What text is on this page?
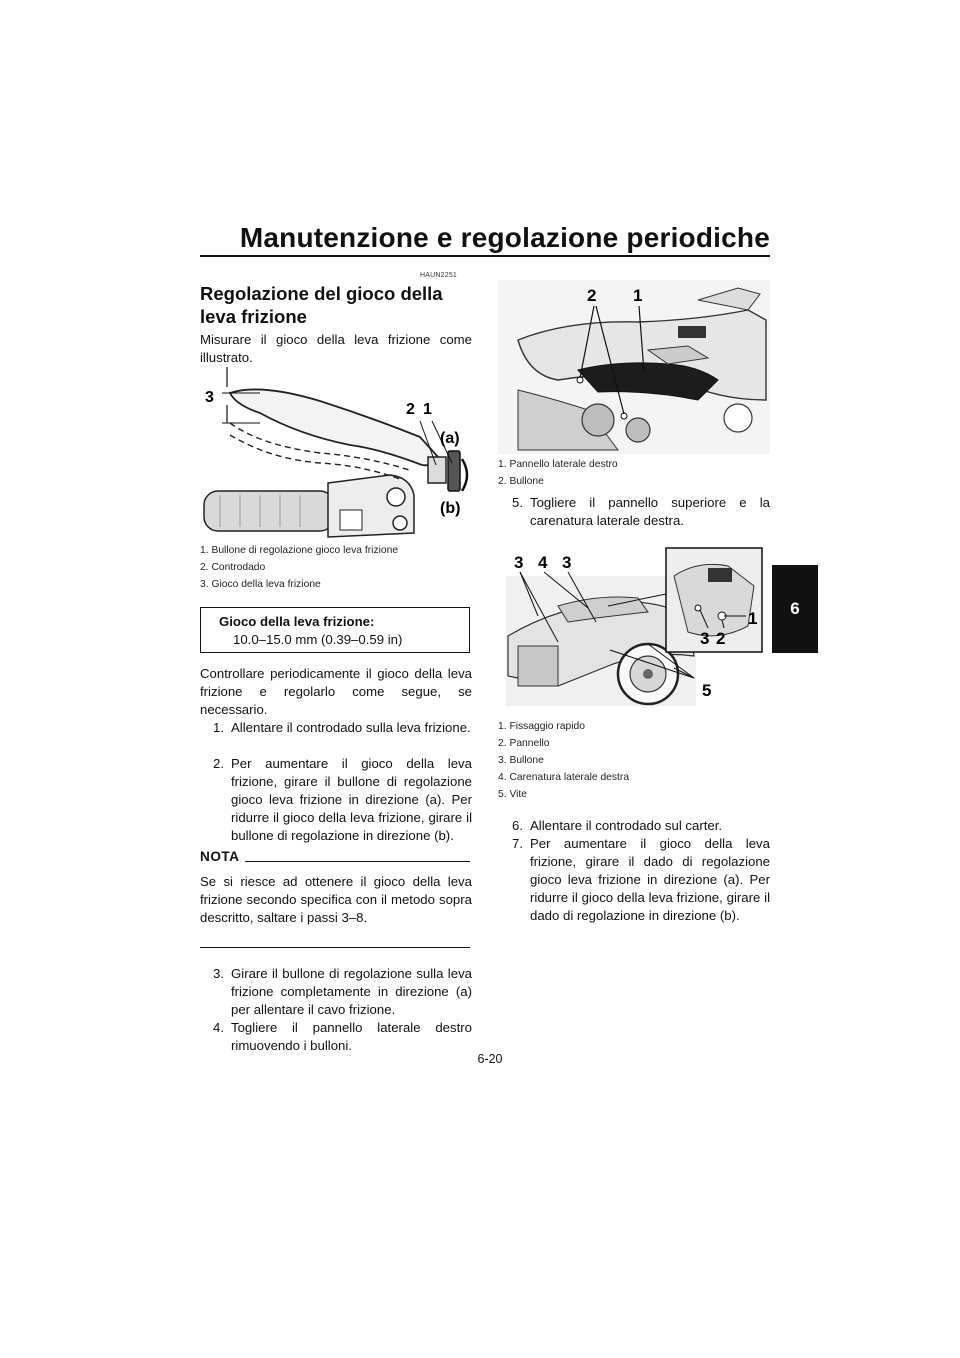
Manutenzione e regolazione periodiche
6
HAUN2251
Regolazione del gioco della leva frizione
Misurare il gioco della leva frizione come illustrato.
3
2 1
(a)
(b)
1. Bullone di regolazione gioco leva frizione
2. Controdado
3. Gioco della leva frizione
Gioco della leva frizione:
10.0–15.0 mm (0.39–0.59 in)
Controllare periodicamente il gioco della leva frizione e regolarlo come segue, se necessario.
1. Allentare il controdado sulla leva frizione.
2. Per aumentare il gioco della leva frizione, girare il bullone di regolazione gioco leva frizione in direzione (a). Per ridurre il gioco della leva frizione, girare il bullone di regolazione in direzione (b).
NOTA
Se si riesce ad ottenere il gioco della leva frizione secondo specifica con il metodo sopra descritto, saltare i passi 3–8.
3. Girare il bullone di regolazione sulla leva frizione completamente in direzione (a) per allentare il cavo frizione.
4. Togliere il pannello laterale destro rimuovendo i bulloni.
2 1
1. Pannello laterale destro
2. Bullone
5. Togliere il pannello superiore e la carenatura laterale destra.
3 4 3
1
3 2
5
1. Fissaggio rapido
2. Pannello
3. Bullone
4. Carenatura laterale destra
5. Vite
6. Allentare il controdado sul carter.
7. Per aumentare il gioco della leva frizione, girare il dado di regolazione gioco leva frizione in direzione (a). Per ridurre il gioco della leva frizione, girare il dado di regolazione in direzione (b).
6-20
